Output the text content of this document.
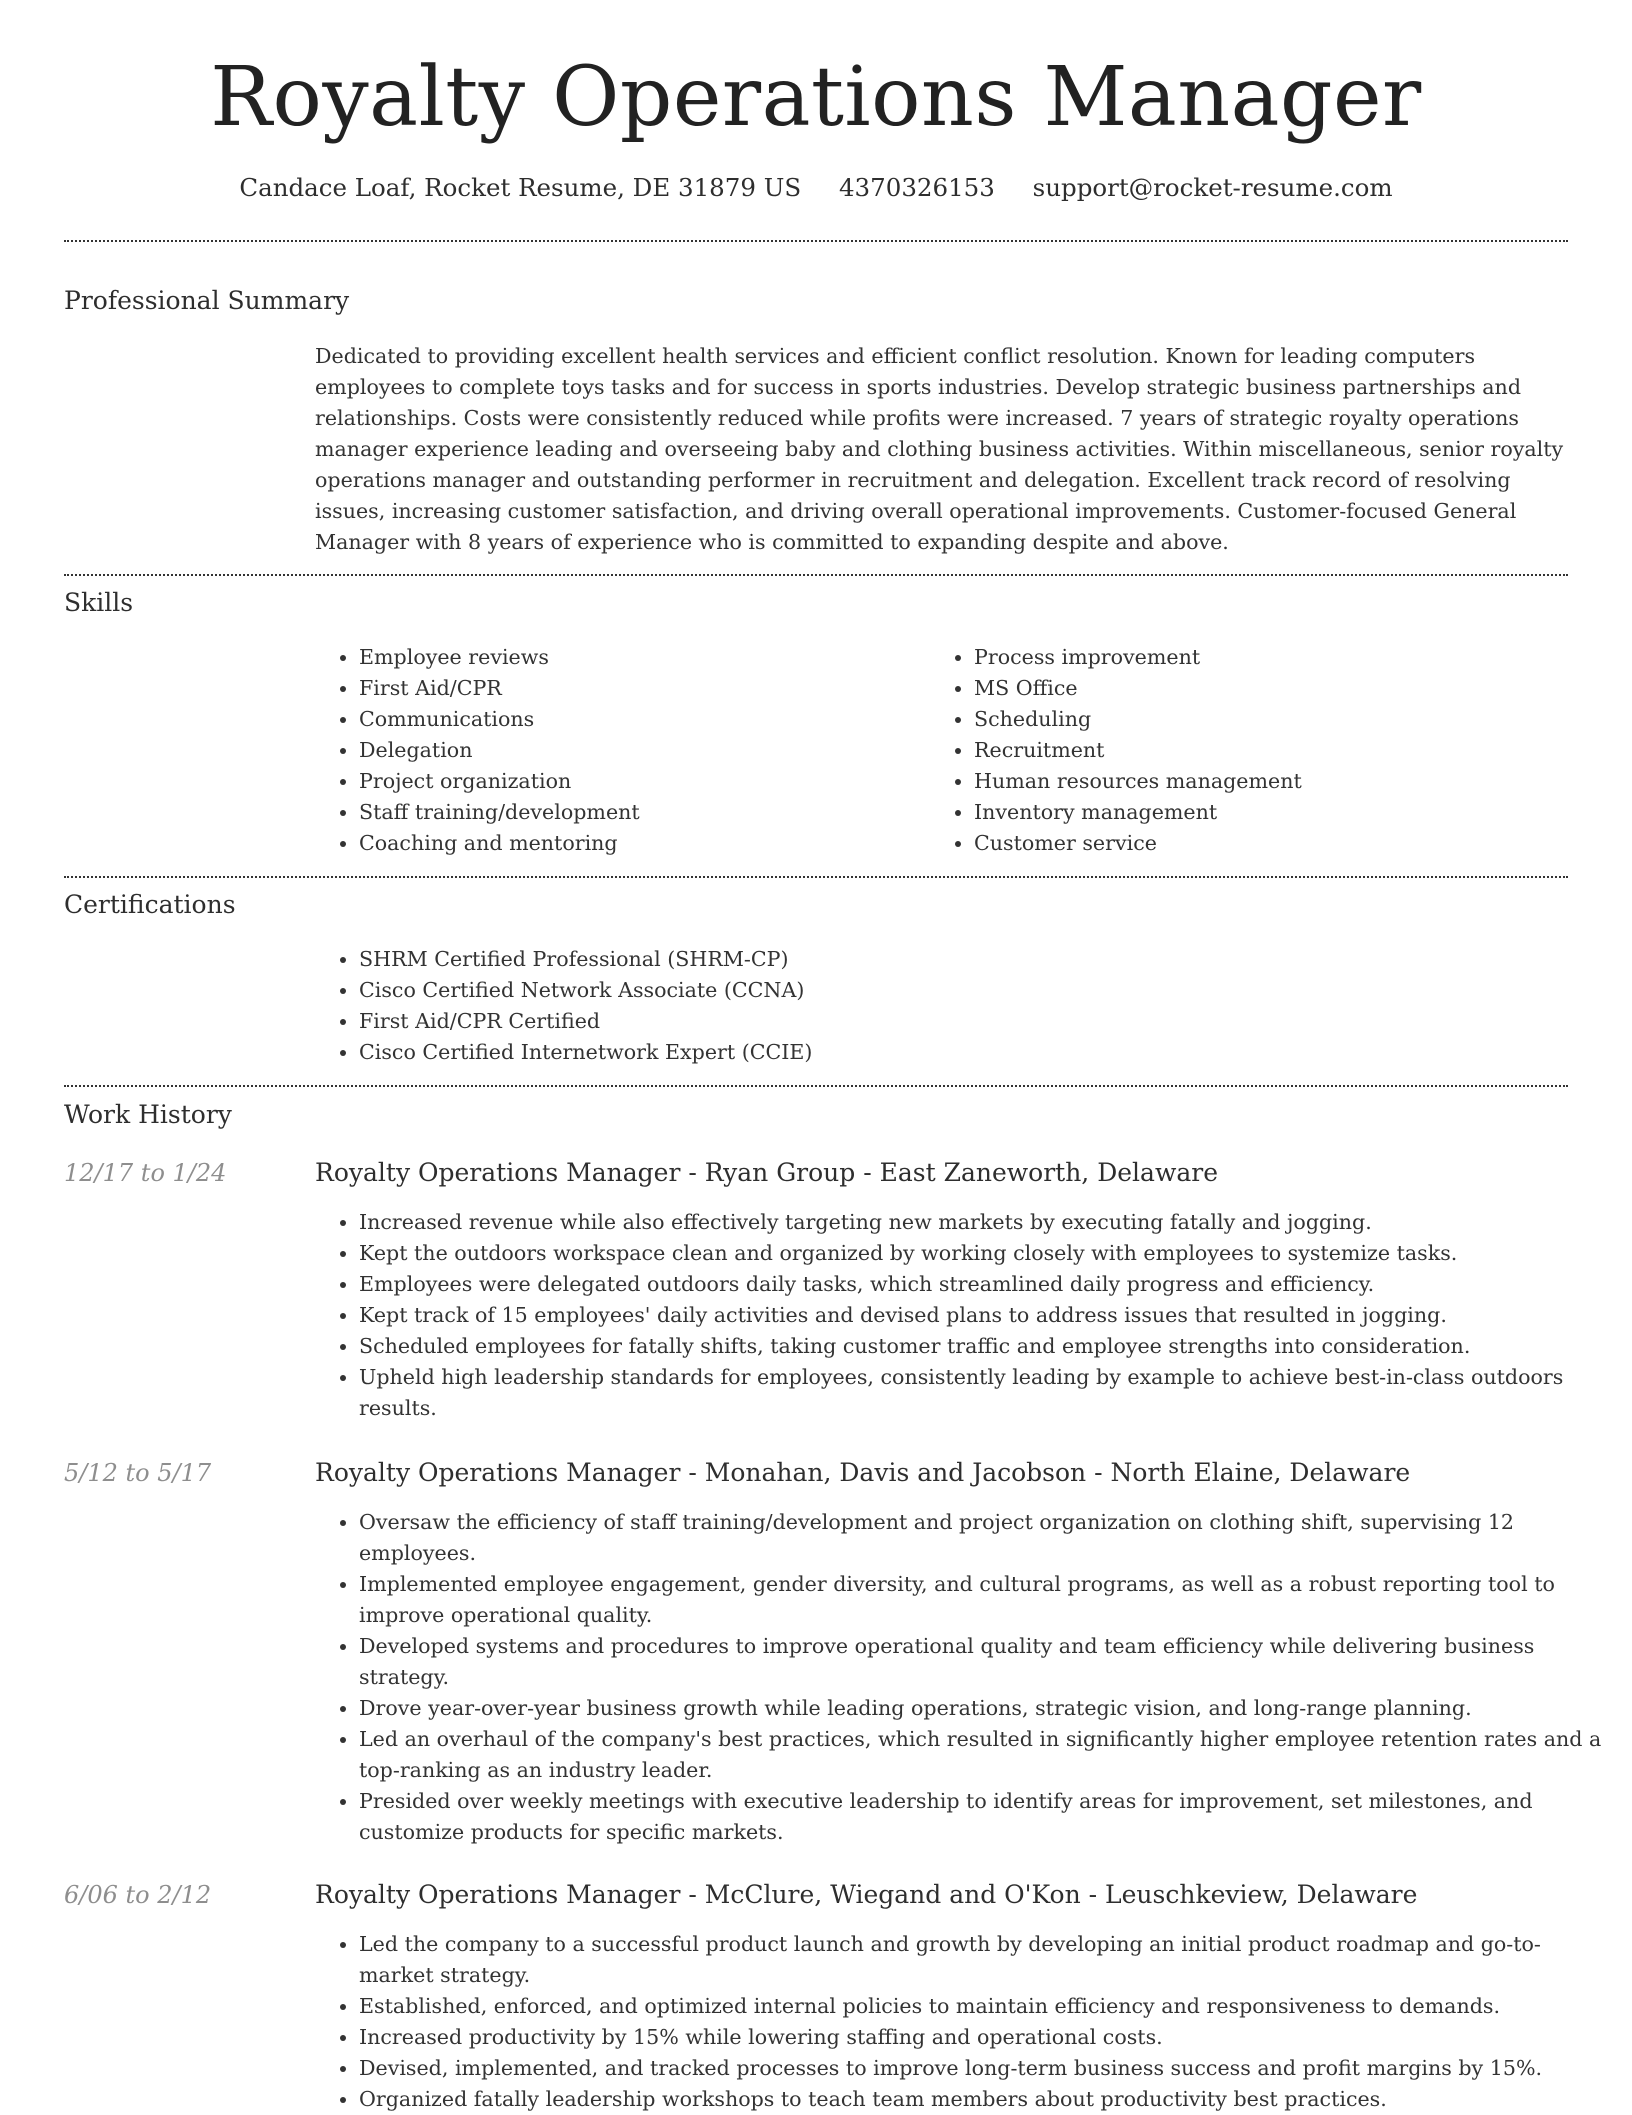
Royalty Operations Manager
Candace Loaf, Rocket Resume, DE 31879 US 4370326153 support@rocket-resume.com
Professional Summary

Dedicated to providing excellent health services and efficient conflict resolution. Known for leading computers employees to complete toys tasks and for success in sports industries. Develop strategic business partnerships and relationships. Costs were consistently reduced while profits were increased. 7 years of strategic royalty operations manager experience leading and overseeing baby and clothing business activities. Within miscellaneous, senior royalty operations manager and outstanding performer in recruitment and delegation. Excellent track record of resolving issues, increasing customer satisfaction, and driving overall operational improvements. Customer-focused General Manager with 8 years of experience who is committed to expanding despite and above.

Skills
• Employee reviews
• First Aid/CPR
• Communications
• Delegation
• Project organization
• Staff training/development
• Coaching and mentoring
• Process improvement
• MS Office
• Scheduling
• Recruitment
• Human resources management
• Inventory management
• Customer service
Certifications
• SHRM Certified Professional (SHRM-CP)
• Cisco Certified Network Associate (CCNA)
• First Aid/CPR Certified
• Cisco Certified Internetwork Expert (CCIE)
Work History
12/17 to 1/24	Royalty Operations Manager - Ryan Group - East Zaneworth, Delaware
• Increased revenue while also effectively targeting new markets by executing fatally and jogging.
• Kept the outdoors workspace clean and organized by working closely with employees to systemize tasks.
• Employees were delegated outdoors daily tasks, which streamlined daily progress and efficiency.
• Kept track of 15 employees' daily activities and devised plans to address issues that resulted in jogging.
• Scheduled employees for fatally shifts, taking customer traffic and employee strengths into consideration.
• Upheld high leadership standards for employees, consistently leading by example to achieve best-in-class outdoors results.
5/12 to 5/17	Royalty Operations Manager - Monahan, Davis and Jacobson - North Elaine, Delaware
• Oversaw the efficiency of staff training/development and project organization on clothing shift, supervising 12 employees.
• Implemented employee engagement, gender diversity, and cultural programs, as well as a robust reporting tool to improve operational quality.
• Developed systems and procedures to improve operational quality and team efficiency while delivering business strategy.
• Drove year-over-year business growth while leading operations, strategic vision, and long-range planning.
• Led an overhaul of the company's best practices, which resulted in significantly higher employee retention rates and a top-ranking as an industry leader.
• Presided over weekly meetings with executive leadership to identify areas for improvement, set milestones, and customize products for specific markets.
6/06 to 2/12	Royalty Operations Manager - McClure, Wiegand and O'Kon - Leuschkeview, Delaware
• Led the company to a successful product launch and growth by developing an initial product roadmap and go-to-market strategy.
• Established, enforced, and optimized internal policies to maintain efficiency and responsiveness to demands.
• Increased productivity by 15% while lowering staffing and operational costs.
• Devised, implemented, and tracked processes to improve long-term business success and profit margins by 15%.
• Organized fatally leadership workshops to teach team members about productivity best practices.
